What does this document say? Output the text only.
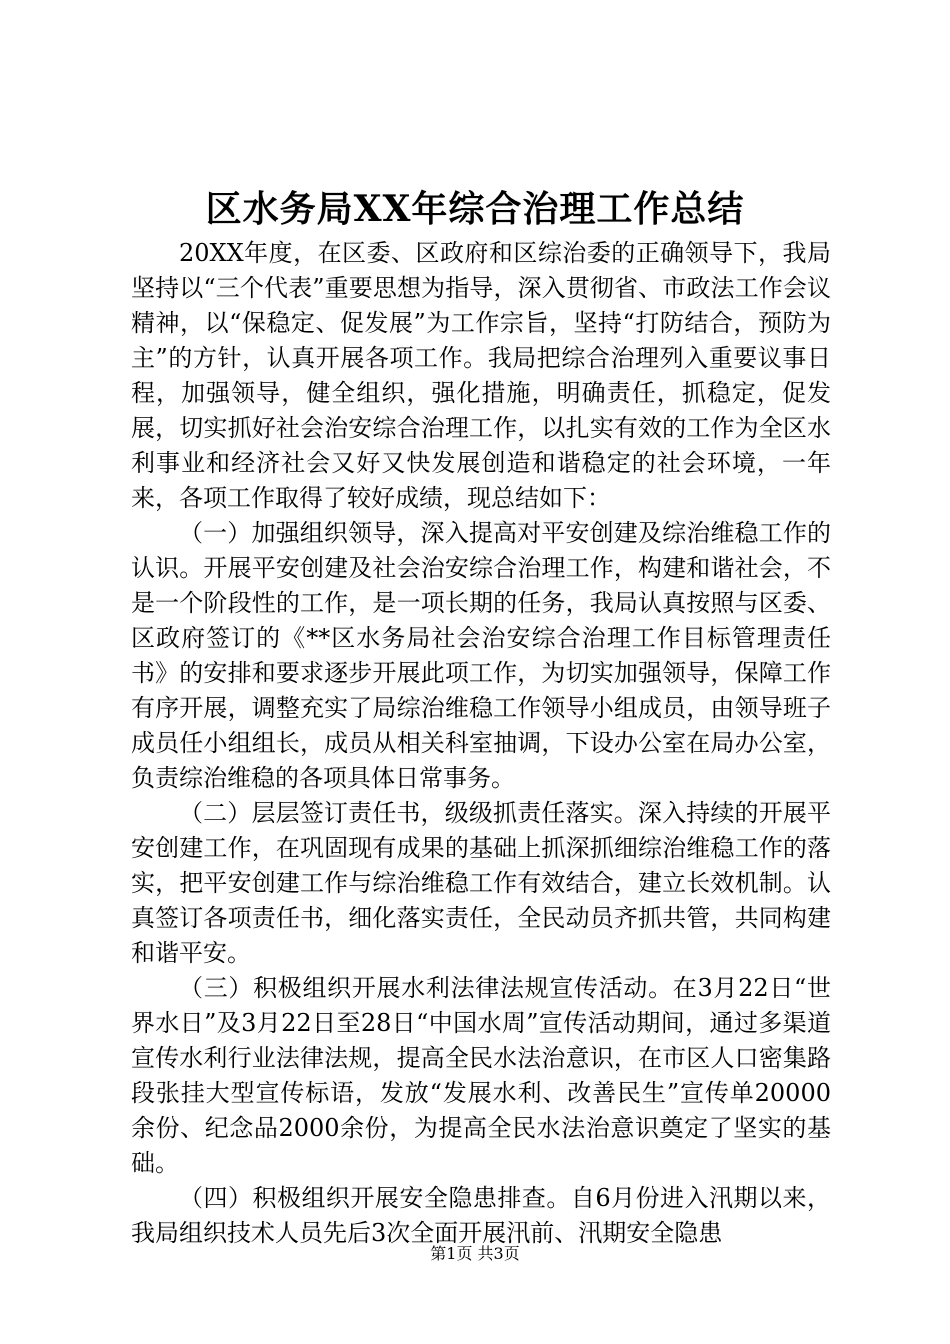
区水务局XX年综合治理工作总结

20XX年度，在区委、区政府和区综治委的正确领导下，我局坚持以“三个代表”重要思想为指导，深入贯彻省、市政法工作会议精神，以“保稳定、促发展”为工作宗旨，坚持“打防结合，预防为主”的方针，认真开展各项工作。我局把综合治理列入重要议事日程，加强领导，健全组织，强化措施，明确责任，抓稳定，促发展，切实抓好社会治安综合治理工作，以扎实有效的工作为全区水利事业和经济社会又好又快发展创造和谐稳定的社会环境，一年来，各项工作取得了较好成绩，现总结如下：

（一）加强组织领导，深入提高对平安创建及综治维稳工作的认识。开展平安创建及社会治安综合治理工作，构建和谐社会，不是一个阶段性的工作，是一项长期的任务，我局认真按照与区委、区政府签订的《**区水务局社会治安综合治理工作目标管理责任书》的安排和要求逐步开展此项工作，为切实加强领导，保障工作有序开展，调整充实了局综治维稳工作领导小组成员，由领导班子成员任小组组长，成员从相关科室抽调，下设办公室在局办公室，负责综治维稳的各项具体日常事务。

（二）层层签订责任书，级级抓责任落实。深入持续的开展平安创建工作，在巩固现有成果的基础上抓深抓细综治维稳工作的落实，把平安创建工作与综治维稳工作有效结合，建立长效机制。认真签订各项责任书，细化落实责任，全民动员齐抓共管，共同构建和谐平安。

（三）积极组织开展水利法律法规宣传活动。在3月22日“世界水日”及3月22日至28日“中国水周”宣传活动期间，通过多渠道宣传水利行业法律法规，提高全民水法治意识，在市区人口密集路段张挂大型宣传标语，发放“发展水利、改善民生”宣传单20000余份、纪念品2000余份，为提高全民水法治意识奠定了坚实的基础。

（四）积极组织开展安全隐患排查。自6月份进入汛期以来，我局组织技术人员先后3次全面开展汛前、汛期安全隐患

第1页 共3页
